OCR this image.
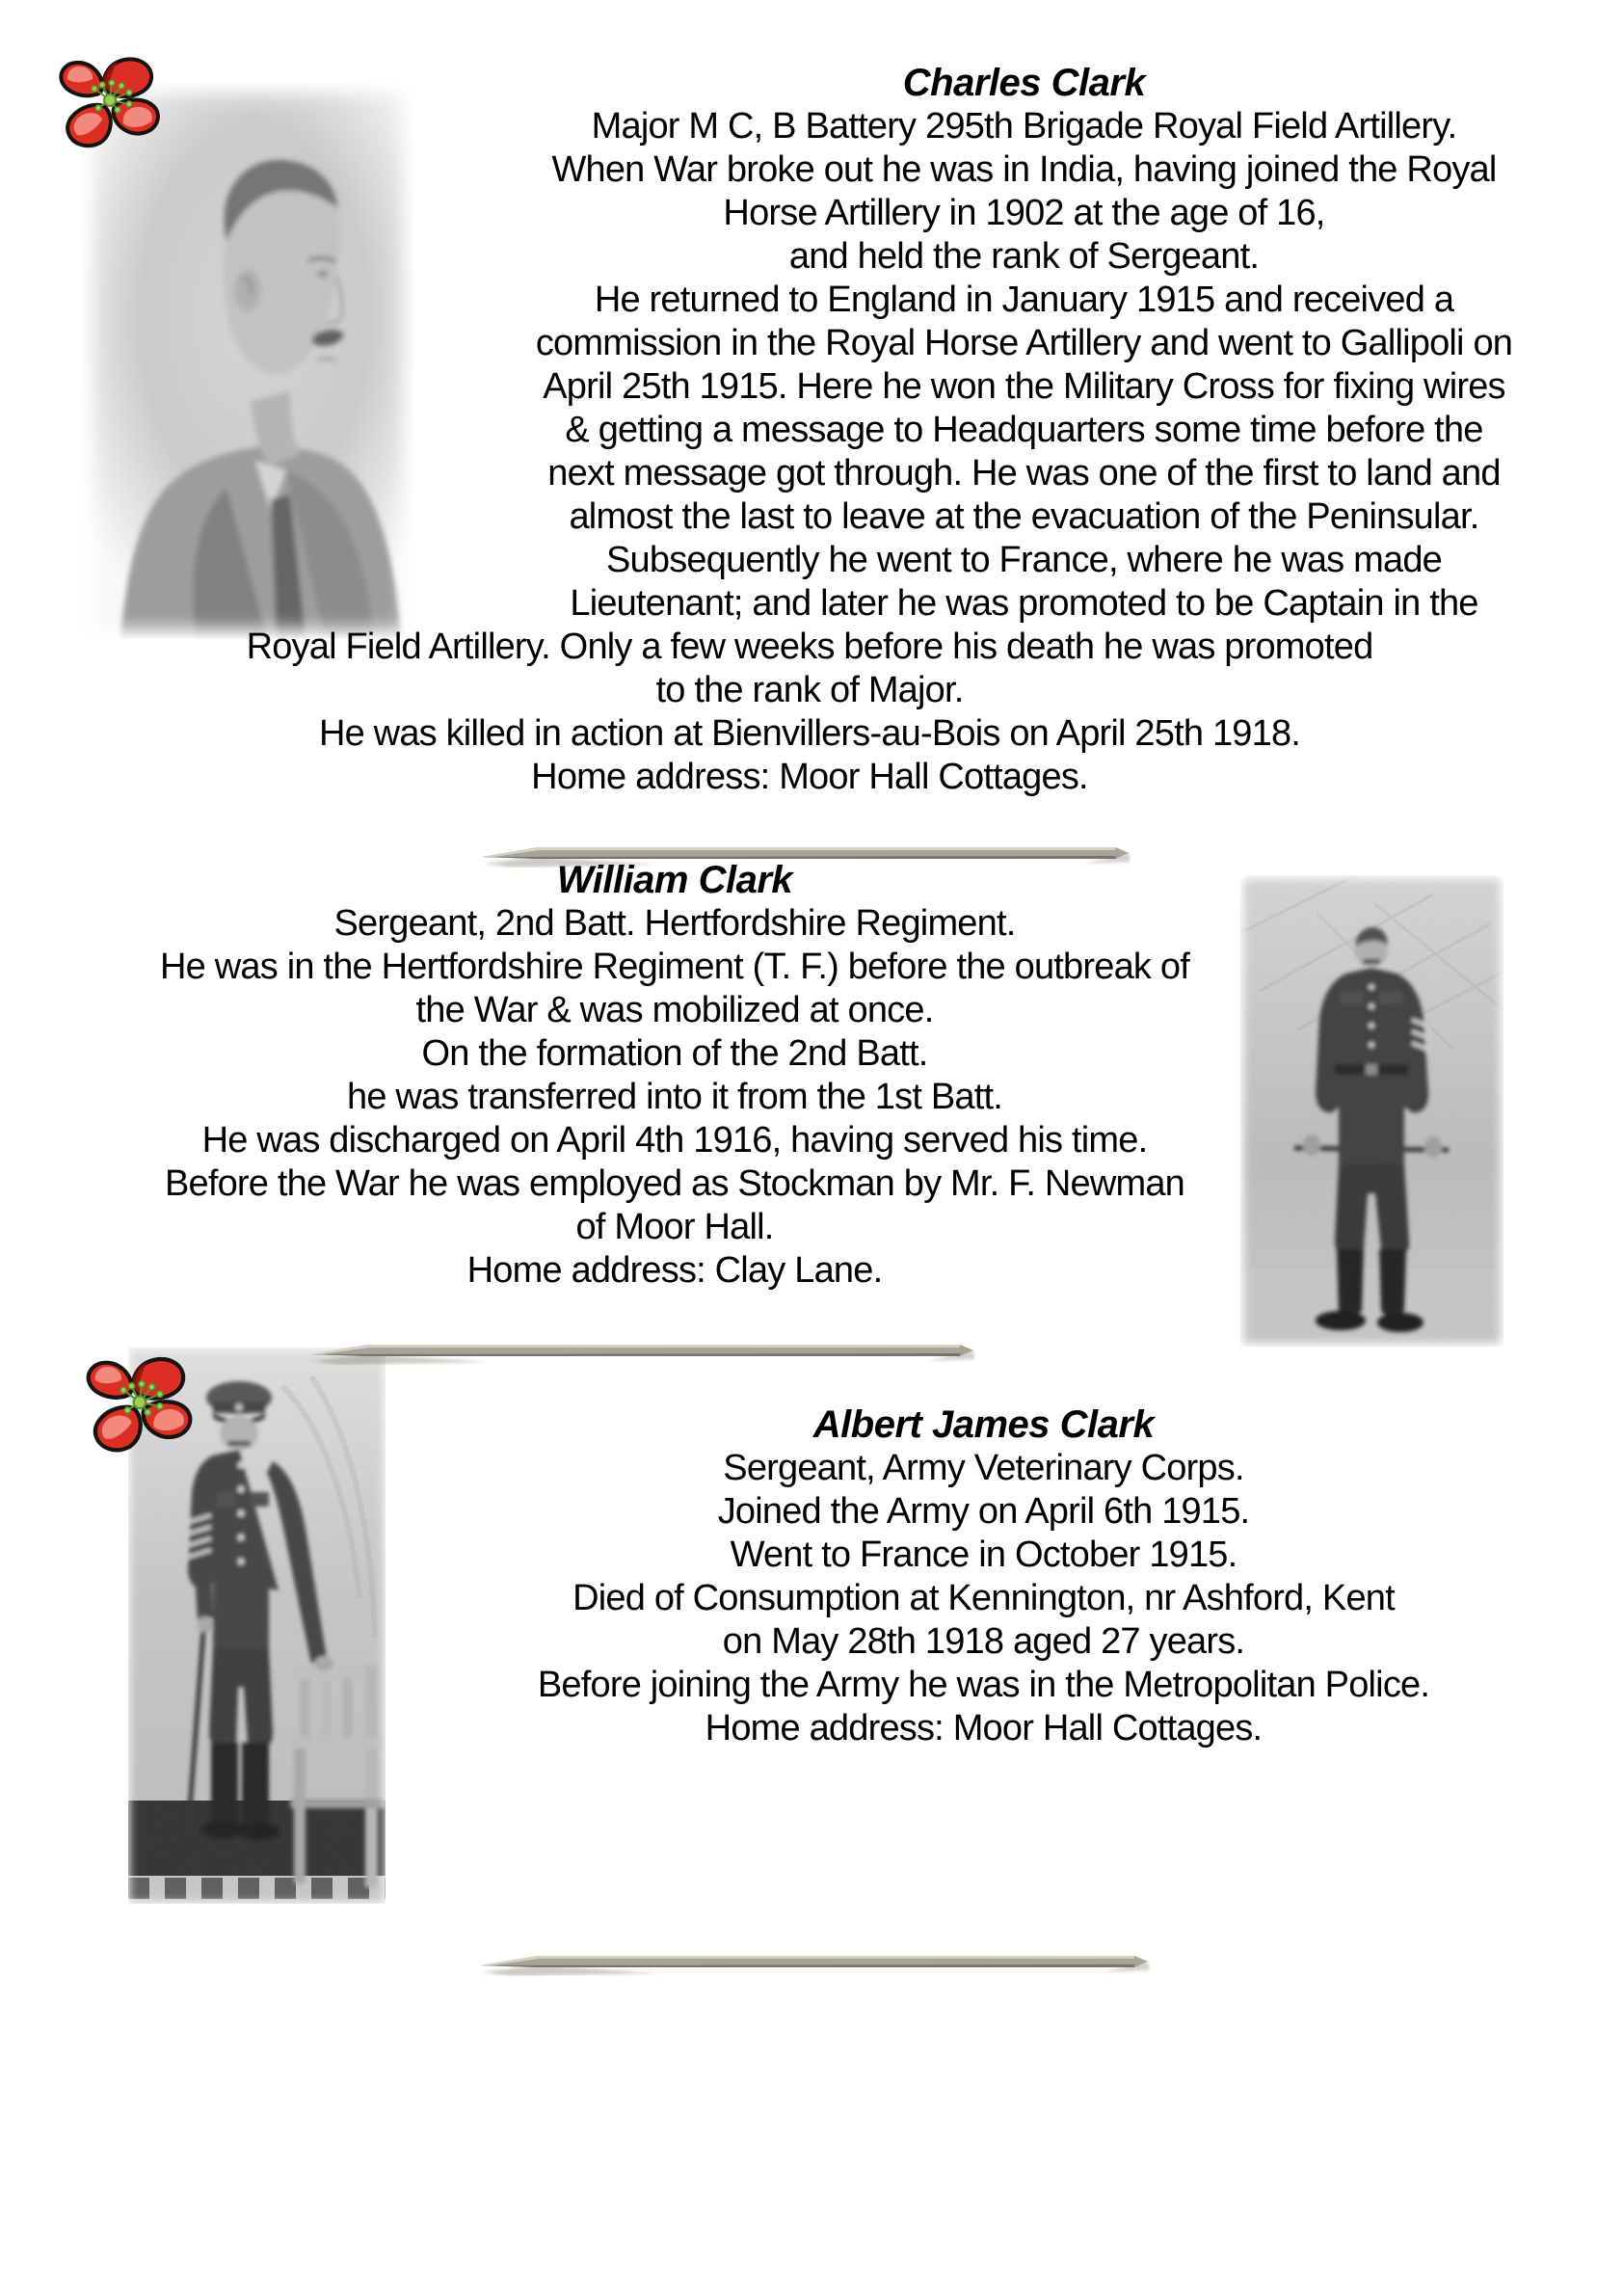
Charles Clark
Major M C, B Battery 295th Brigade Royal Field Artillery.
When War broke out he was in India, having joined the Royal
Horse Artillery in 1902 at the age of 16,
and held the rank of Sergeant.
He returned to England in January 1915 and received a
commission in the Royal Horse Artillery and went to Gallipoli on
April 25th 1915. Here he won the Military Cross for fixing wires
& getting a message to Headquarters some time before the
next message got through. He was one of the first to land and
almost the last to leave at the evacuation of the Peninsular.
Subsequently he went to France, where he was made
Lieutenant; and later he was promoted to be Captain in the
Royal Field Artillery. Only a few weeks before his death he was promoted
to the rank of Major.
He was killed in action at Bienvillers-au-Bois on April 25th 1918.
Home address: Moor Hall Cottages.
William Clark
Sergeant, 2nd Batt. Hertfordshire Regiment.
He was in the Hertfordshire Regiment (T. F.) before the outbreak of
the War & was mobilized at once.
On the formation of the 2nd Batt.
he was transferred into it from the 1st Batt.
He was discharged on April 4th 1916, having served his time.
Before the War he was employed as Stockman by Mr. F. Newman
of Moor Hall.
Home address: Clay Lane.
Albert James Clark
Sergeant, Army Veterinary Corps.
Joined the Army on April 6th 1915.
Went to France in October 1915.
Died of Consumption at Kennington, nr Ashford, Kent
on May 28th 1918 aged 27 years.
Before joining the Army he was in the Metropolitan Police.
Home address: Moor Hall Cottages.
